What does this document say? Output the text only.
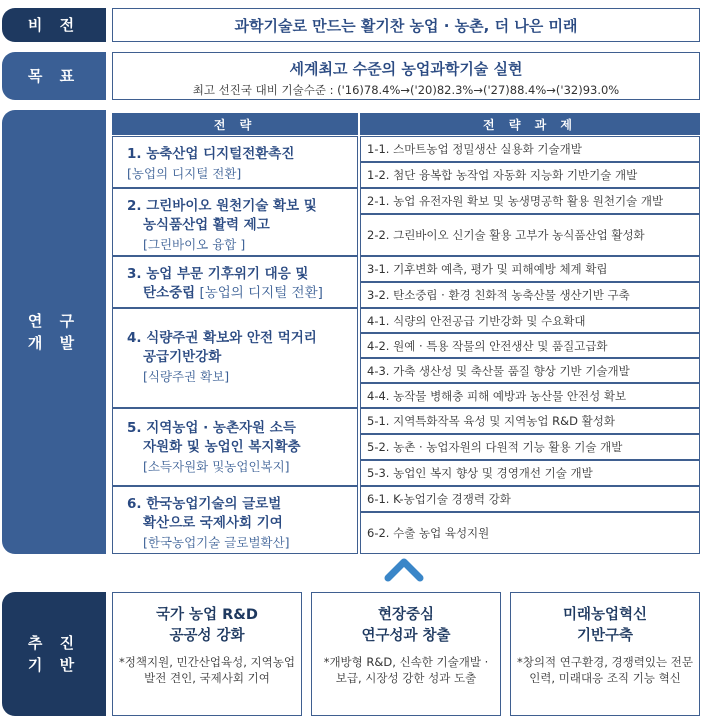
비 전	과학기술로 만드는 활기찬 농업 · 농촌, 더 나은 미래
목 표	세계최고 수준의 농업과학기술 실현
최고 선진국 대비 기술수준 : ('16)78.4%→('20)82.3%→('27)88.4%→('32)93.0%
연 구
개 발
전 략	전 략 과 제
1. 농축산업 디지털전환촉진
[농업의 디지털 전환]
1-1. 스마트농업 정밀생산 실용화 기술개발
1-2. 첨단 융복합 농작업 자동화 지능화 기반기술 개발
2. 그린바이오 원천기술 확보 및
농식품산업 활력 제고
[그린바이오 융합 ]
2-1. 농업 유전자원 확보 및 농생명공학 활용 원천기술 개발
2-2. 그린바이오 신기술 활용 고부가 농식품산업 활성화
3. 농업 부문 기후위기 대응 및
탄소중립 [농업의 디지털 전환]
3-1. 기후변화 예측, 평가 및 피해예방 체계 확립
3-2. 탄소중립 · 환경 친화적 농축산물 생산기반 구축
4. 식량주권 확보와 안전 먹거리
공급기반강화
[식량주권 확보]
4-1. 식량의 안전공급 기반강화 및 수요확대
4-2. 원예 · 특용 작물의 안전생산 및 품질고급화
4-3. 가축 생산성 및 축산물 품질 향상 기반 기술개발
4-4. 농작물 병해충 피해 예방과 농산물 안전성 확보
5. 지역농업 · 농촌자원 소득
자원화 및 농업인 복지확충
[소득자원화 및농업인복지]
5-1. 지역특화작목 육성 및 지역농업 R&D 활성화
5-2. 농촌 · 농업자원의 다원적 기능 활용 기술 개발
5-3. 농업인 복지 향상 및 경영개선 기술 개발
6. 한국농업기술의 글로벌
확산으로 국제사회 기여
[한국농업기술 글로벌확산]
6-1. K-농업기술 경쟁력 강화
6-2. 수출 농업 육성지원
추 진
기 반
국가 농업 R&D
공공성 강화
*정책지원, 민간산업육성, 지역농업발전 견인, 국제사회 기여
현장중심
연구성과 창출
*개방형 R&D, 신속한 기술개발 · 보급, 시장성 강한 성과 도출
미래농업혁신
기반구축
*창의적 연구환경, 경쟁력있는 전문인력, 미래대응 조직 기능 혁신
